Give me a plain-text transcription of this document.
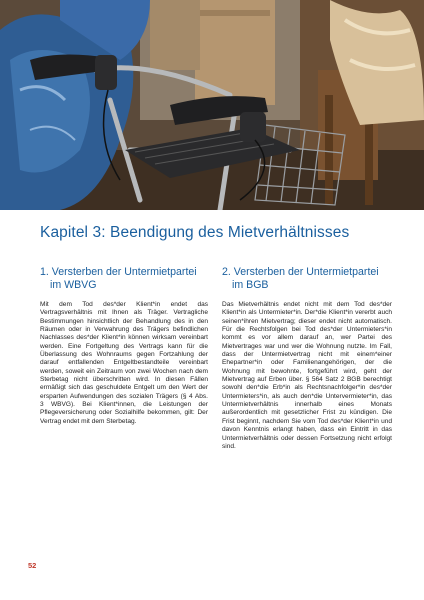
Kapitel 3: Beendigung des Mietverhältnisses
1. Versterben der Untermietpartei
im WBVG

Mit dem Tod des*der Klient*in endet das Vertragsverhältnis mit Ihnen als Träger. Vertragliche Bestimmungen hinsichtlich der Behandlung des in den Räumen oder in Verwahrung des Trägers befindlichen Nachlasses des*der Klient*in können wirksam vereinbart werden. Eine Fortgeltung des Vertrags kann für die Überlassung des Wohnraums gegen Fortzahlung der darauf entfallenden Entgeltbestandteile vereinbart werden, soweit ein Zeitraum von zwei Wochen nach dem Sterbetag nicht überschritten wird. In diesen Fällen ermäßigt sich das geschuldete Entgelt um den Wert der ersparten Aufwendungen des sozialen Trägers (§ 4 Abs. 3 WBVG). Bei Klient*innen, die Leistungen der Pflegeversicherung oder Sozialhilfe bekommen, gilt: Der Vertrag endet mit dem Sterbetag.

2. Versterben der Untermietpartei
im BGB

Das Mietverhältnis endet nicht mit dem Tod des*der Klient*in als Untermieter*in. Der*die Klient*in vererbt auch seinen*ihren Mietvertrag; dieser endet nicht automatisch. Für die Rechtsfolgen bei Tod des*der Untermieters*in kommt es vor allem darauf an, wer Partei des Mietvertrages war und wer die Wohnung nutzte. Im Fall, dass der Untermietvertrag nicht mit einem*einer Ehepartner*in oder Familienangehörigen, der die Wohnung mit bewohnte, fortgeführt wird, geht der Mietvertrag auf Erben über. § 564 Satz 2 BGB berechtigt sowohl den*die Erb*in als Rechtsnachfolger*in des*der Untermieters*in, als auch den*die Untervermieter*in, das Untermietverhältnis innerhalb eines Monats außerordentlich mit gesetzlicher Frist zu kündigen. Die Frist beginnt, nachdem Sie vom Tod des*der Klient*in und davon Kenntnis erlangt haben, dass ein Eintritt in das Untermietverhältnis oder dessen Fortsetzung nicht erfolgt sind.

52
